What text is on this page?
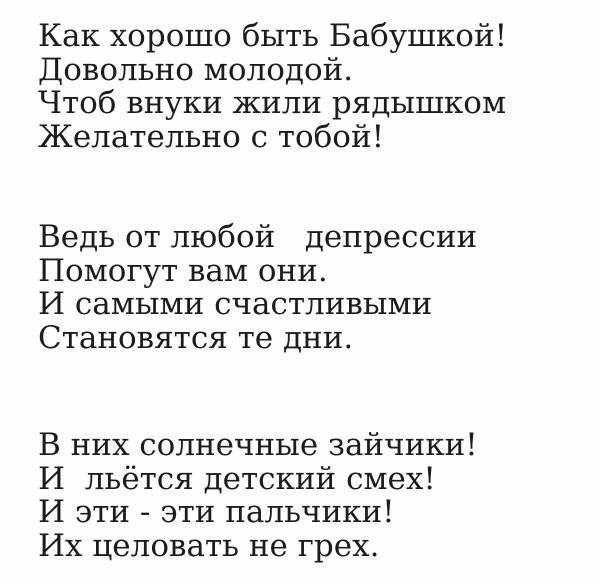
Как хорошо быть Бабушкой!
Довольно молодой.
Чтоб внуки жили рядышком
Желательно с тобой!
Ведь от любой   депрессии
Помогут вам они.
И самыми счастливыми
Становятся те дни.
В них солнечные зайчики!
И  льётся детский смех!
И эти - эти пальчики!
Их целовать не грех.
